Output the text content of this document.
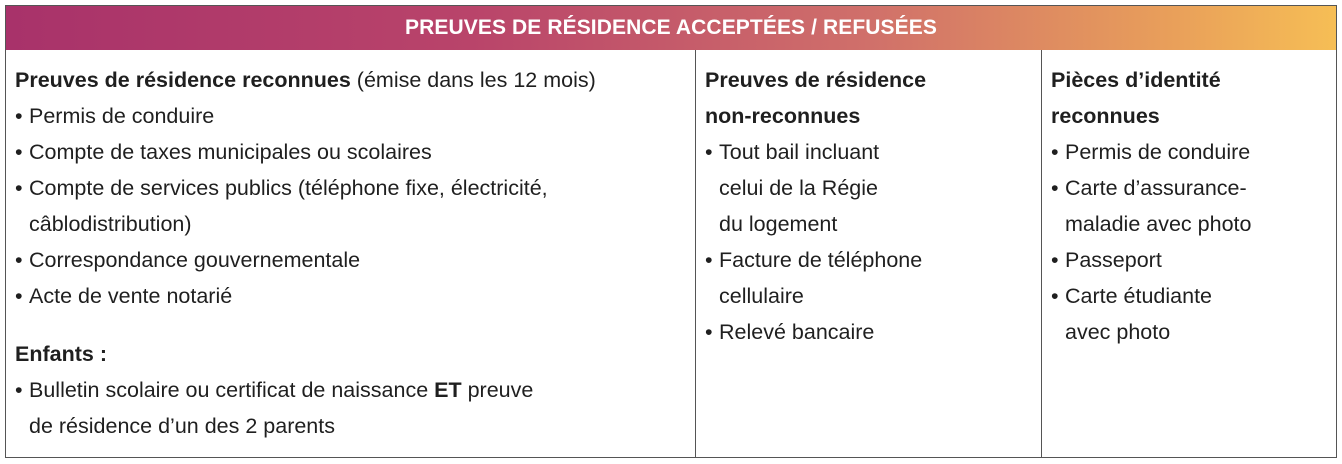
PREUVES DE RÉSIDENCE ACCEPTÉES / REFUSÉES
Preuves de résidence reconnues (émise dans les 12 mois)
• Permis de conduire
• Compte de taxes municipales ou scolaires
• Compte de services publics (téléphone fixe, électricité,
câblodistribution)
• Correspondance gouvernementale
• Acte de vente notarié
Enfants :
• Bulletin scolaire ou certificat de naissance ET preuve
de résidence d’un des 2 parents
Preuves de résidence
non-reconnues
• Tout bail incluant
celui de la Régie
du logement
• Facture de téléphone
cellulaire
• Relevé bancaire
Pièces d’identité
reconnues
• Permis de conduire
• Carte d’assurance-
maladie avec photo
• Passeport
• Carte étudiante
avec photo
